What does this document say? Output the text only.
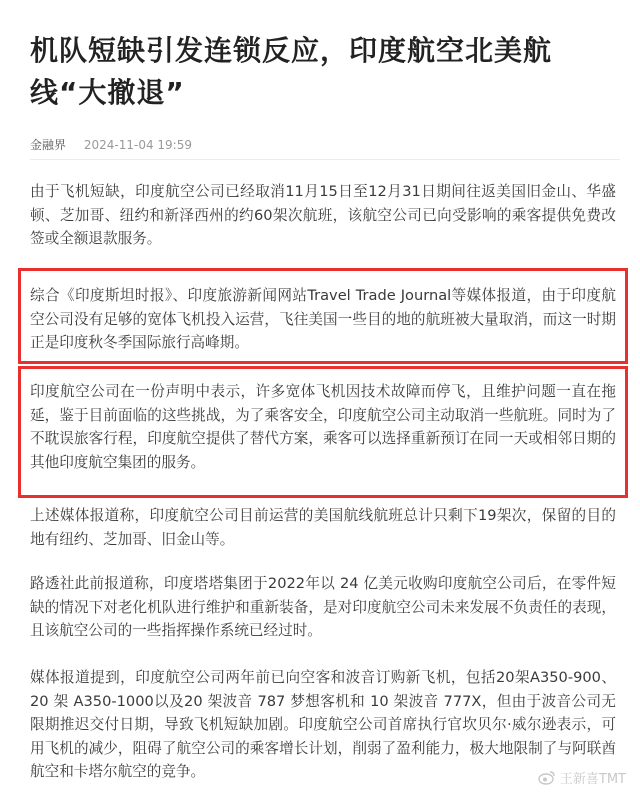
机队短缺引发连锁反应，印度航空北美航线“大撤退”
金融界 2024-11-04 19:59

由于飞机短缺，印度航空公司已经取消11月15日至12月31日期间往返美国旧金山、华盛顿、芝加哥、纽约和新泽西州的约60架次航班，该航空公司已向受影响的乘客提供免费改签或全额退款服务。

综合《印度斯坦时报》、印度旅游新闻网站Travel Trade Journal等媒体报道，由于印度航空公司没有足够的宽体飞机投入运营，飞往美国一些目的地的航班被大量取消，而这一时期正是印度秋冬季国际旅行高峰期。

印度航空公司在一份声明中表示，许多宽体飞机因技术故障而停飞，且维护问题一直在拖延，鉴于目前面临的这些挑战，为了乘客安全，印度航空公司主动取消一些航班。同时为了不耽误旅客行程，印度航空提供了替代方案，乘客可以选择重新预订在同一天或相邻日期的其他印度航空集团的服务。

上述媒体报道称，印度航空公司目前运营的美国航线航班总计只剩下19架次，保留的目的地有纽约、芝加哥、旧金山等。

路透社此前报道称，印度塔塔集团于2022年以 24 亿美元收购印度航空公司后，在零件短缺的情况下对老化机队进行维护和重新装备，是对印度航空公司未来发展不负责任的表现，且该航空公司的一些指挥操作系统已经过时。

媒体报道提到，印度航空公司两年前已向空客和波音订购新飞机，包括20架A350-900、20 架 A350-1000以及20 架波音 787 梦想客机和 10 架波音 777X，但由于波音公司无限期推迟交付日期，导致飞机短缺加剧。印度航空公司首席执行官坎贝尔·威尔逊表示，可用飞机的减少，阻碍了航空公司的乘客增长计划，削弱了盈利能力，极大地限制了与阿联酋航空和卡塔尔航空的竞争。	王新喜TMT
